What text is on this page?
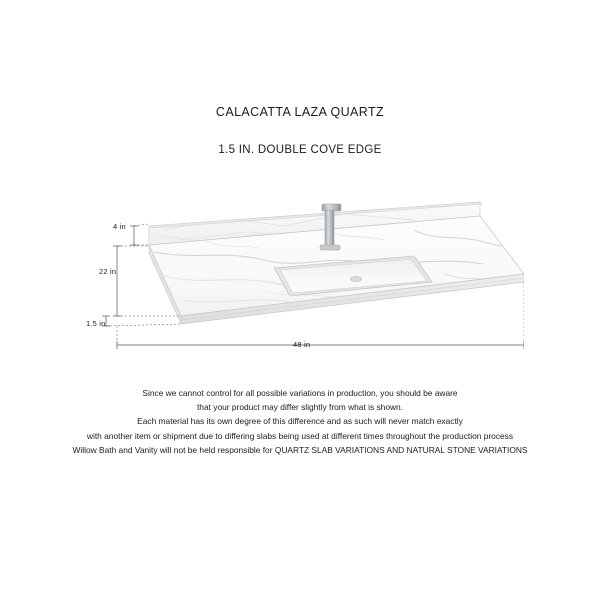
CALACATTA LAZA QUARTZ
1.5 IN. DOUBLE COVE EDGE
4 in
22 in
1.5 in
48 in
Since we cannot control for all possible variations in production, you should be aware
that your product may differ slightly from what is shown.
Each material has its own degree of this difference and as such will never match exactly
with another item or shipment due to differing slabs being used at different times throughout the production process
Willow Bath and Vanity will not be held responsible for QUARTZ SLAB VARIATIONS AND NATURAL STONE VARIATIONS
